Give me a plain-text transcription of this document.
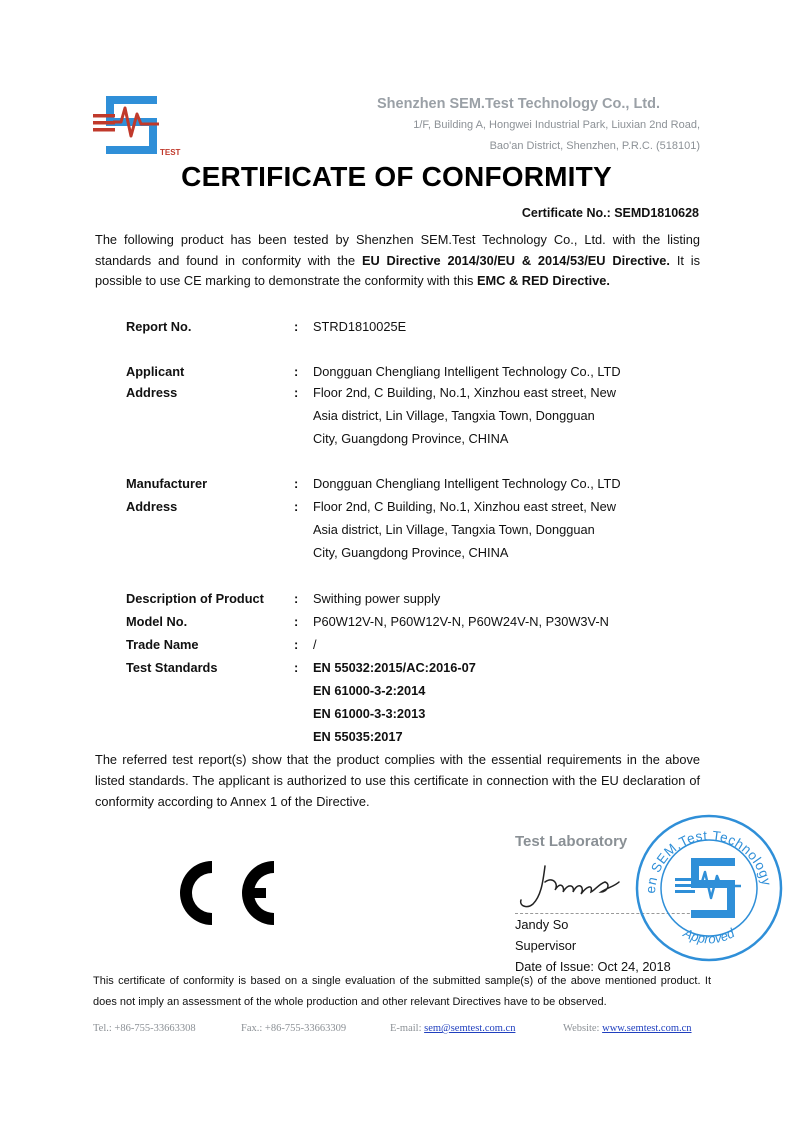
TEST
Shenzhen SEM.Test Technology Co., Ltd.
1/F, Building A, Hongwei Industrial Park, Liuxian 2nd Road,
Bao'an District, Shenzhen, P.R.C. (518101)
CERTIFICATE OF CONFORMITY
Certificate No.: SEMD1810628
The following product has been tested by Shenzhen SEM.Test Technology Co., Ltd. with the listing standards and found in conformity with the EU Directive 2014/30/EU & 2014/53/EU Directive. It is possible to use CE marking to demonstrate the conformity with this EMC & RED Directive.
Report No.	: STRD1810025E
Applicant	: Dongguan Chengliang Intelligent Technology Co., LTD
Address	: Floor 2nd, C Building, No.1, Xinzhou east street, New
Asia district, Lin Village, Tangxia Town, Dongguan
City, Guangdong Province, CHINA
Manufacturer	: Dongguan Chengliang Intelligent Technology Co., LTD
Address	: Floor 2nd, C Building, No.1, Xinzhou east street, New
Asia district, Lin Village, Tangxia Town, Dongguan
City, Guangdong Province, CHINA
Description of Product : Swithing power supply
Model No.	: P60W12V-N, P60W12V-N, P60W24V-N, P30W3V-N
Trade Name	: /
Test Standards	: EN 55032:2015/AC:2016-07
EN 61000-3-2:2014
EN 61000-3-3:2013
EN 55035:2017
The referred test report(s) show that the product complies with the essential requirements in the above listed standards. The applicant is authorized to use this certificate in connection with the EU declaration of conformity according to Annex 1 of the Directive.
Test Laboratory
Jandy So
Jandy So
Supervisor
Date of Issue: Oct 24, 2018
en SEM.Test Technology
Approved
This certificate of conformity is based on a single evaluation of the submitted sample(s) of the above mentioned product. It does not imply an assessment of the whole production and other relevant Directives have to be observed.
Tel.: +86-755-33663308	Fax.: +86-755-33663309	E-mail: sem@semtest.com.cn	Website: www.semtest.com.cn
